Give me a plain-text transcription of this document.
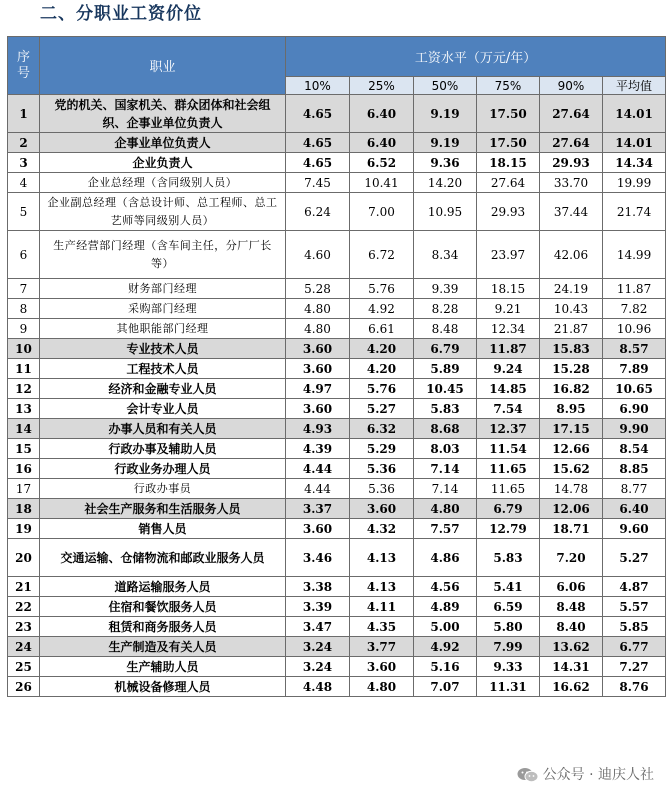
二、分职业工资价位
序号	职业	工资水平（万元/年）					
		10%	25%	50%	75%	90%	平均值
1	党的机关、国家机关、群众团体和社会组织、企事业单位负责人	4.65	6.40	9.19	17.50	27.64	14.01
2	企事业单位负责人	4.65	6.40	9.19	17.50	27.64	14.01
3	企业负责人	4.65	6.52	9.36	18.15	29.93	14.34
4	企业总经理（含同级别人员）	7.45	10.41	14.20	27.64	33.70	19.99
5	企业副总经理（含总设计师、总工程师、总工艺师等同级别人员）	6.24	7.00	10.95	29.93	37.44	21.74
6	生产经营部门经理（含车间主任，分厂厂长等）	4.60	6.72	8.34	23.97	42.06	14.99
7	财务部门经理	5.28	5.76	9.39	18.15	24.19	11.87
8	采购部门经理	4.80	4.92	8.28	9.21	10.43	7.82
9	其他职能部门经理	4.80	6.61	8.48	12.34	21.87	10.96
10	专业技术人员	3.60	4.20	6.79	11.87	15.83	8.57
11	工程技术人员	3.60	4.20	5.89	9.24	15.28	7.89
12	经济和金融专业人员	4.97	5.76	10.45	14.85	16.82	10.65
13	会计专业人员	3.60	5.27	5.83	7.54	8.95	6.90
14	办事人员和有关人员	4.93	6.32	8.68	12.37	17.15	9.90
15	行政办事及辅助人员	4.39	5.29	8.03	11.54	12.66	8.54
16	行政业务办理人员	4.44	5.36	7.14	11.65	15.62	8.85
17	行政办事员	4.44	5.36	7.14	11.65	14.78	8.77
18	社会生产服务和生活服务人员	3.37	3.60	4.80	6.79	12.06	6.40
19	销售人员	3.60	4.32	7.57	12.79	18.71	9.60
20	交通运输、仓储物流和邮政业服务人员	3.46	4.13	4.86	5.83	7.20	5.27
21	道路运输服务人员	3.38	4.13	4.56	5.41	6.06	4.87
22	住宿和餐饮服务人员	3.39	4.11	4.89	6.59	8.48	5.57
23	租赁和商务服务人员	3.47	4.35	5.00	5.80	8.40	5.85
24	生产制造及有关人员	3.24	3.77	4.92	7.99	13.62	6.77
25	生产辅助人员	3.24	3.60	5.16	9.33	14.31	7.27
26	机械设备修理人员	4.48	4.80	7.07	11.31	16.62	8.76
公众号 · 迪庆人社
